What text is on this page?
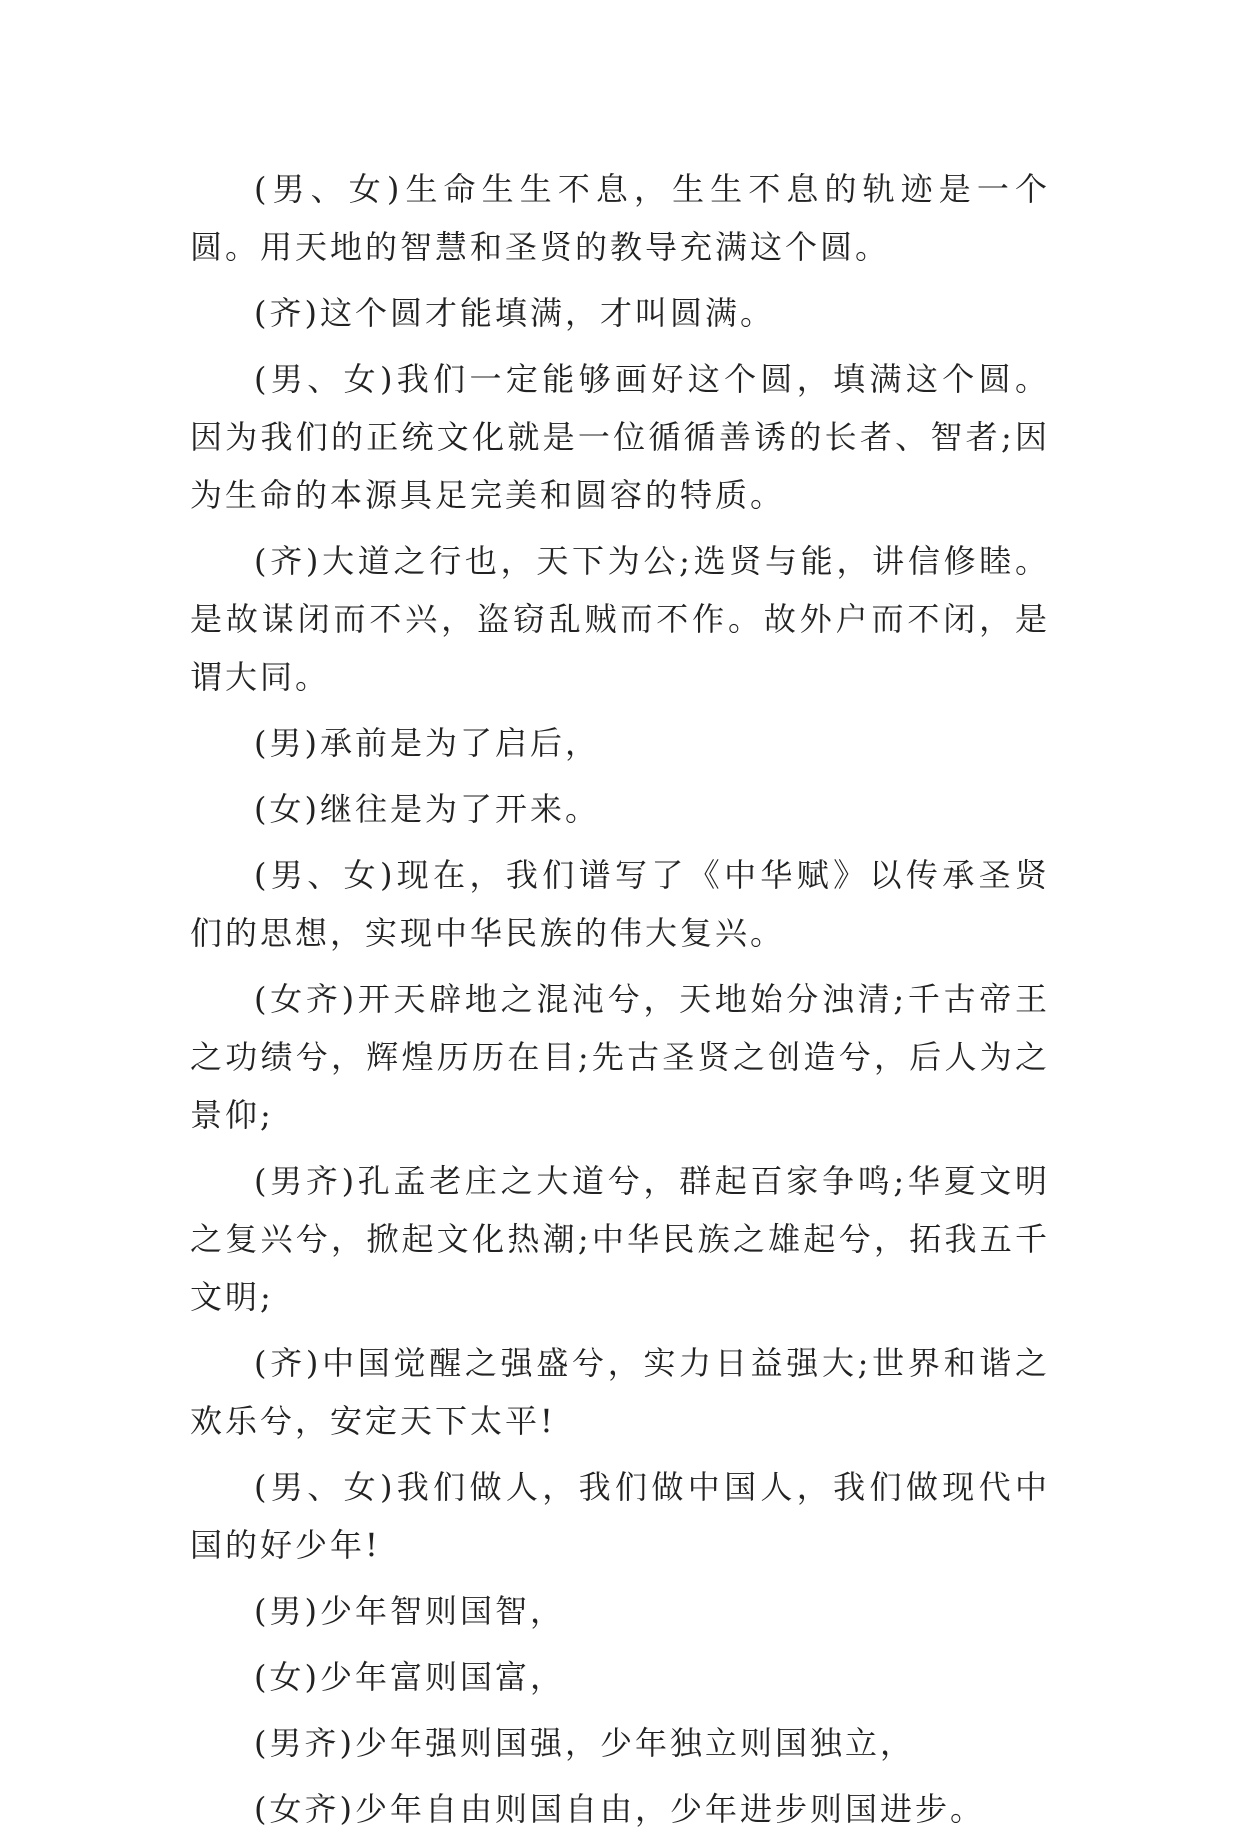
(男、女)生命生生不息，生生不息的轨迹是一个圆。用天地的智慧和圣贤的教导充满这个圆。

(齐)这个圆才能填满，才叫圆满。

(男、女)我们一定能够画好这个圆，填满这个圆。因为我们的正统文化就是一位循循善诱的长者、智者;因为生命的本源具足完美和圆容的特质。

(齐)大道之行也，天下为公;选贤与能，讲信修睦。是故谋闭而不兴，盗窃乱贼而不作。故外户而不闭，是谓大同。

(男)承前是为了启后，

(女)继往是为了开来。

(男、女)现在，我们谱写了《中华赋》以传承圣贤们的思想，实现中华民族的伟大复兴。

(女齐)开天辟地之混沌兮，天地始分浊清;千古帝王之功绩兮，辉煌历历在目;先古圣贤之创造兮，后人为之景仰;

(男齐)孔孟老庄之大道兮，群起百家争鸣;华夏文明之复兴兮，掀起文化热潮;中华民族之雄起兮，拓我五千文明;

(齐)中国觉醒之强盛兮，实力日益强大;世界和谐之欢乐兮，安定天下太平!

(男、女)我们做人，我们做中国人，我们做现代中国的好少年!

(男)少年智则国智，

(女)少年富则国富，

(男齐)少年强则国强，少年独立则国独立，

(女齐)少年自由则国自由，少年进步则国进步。
